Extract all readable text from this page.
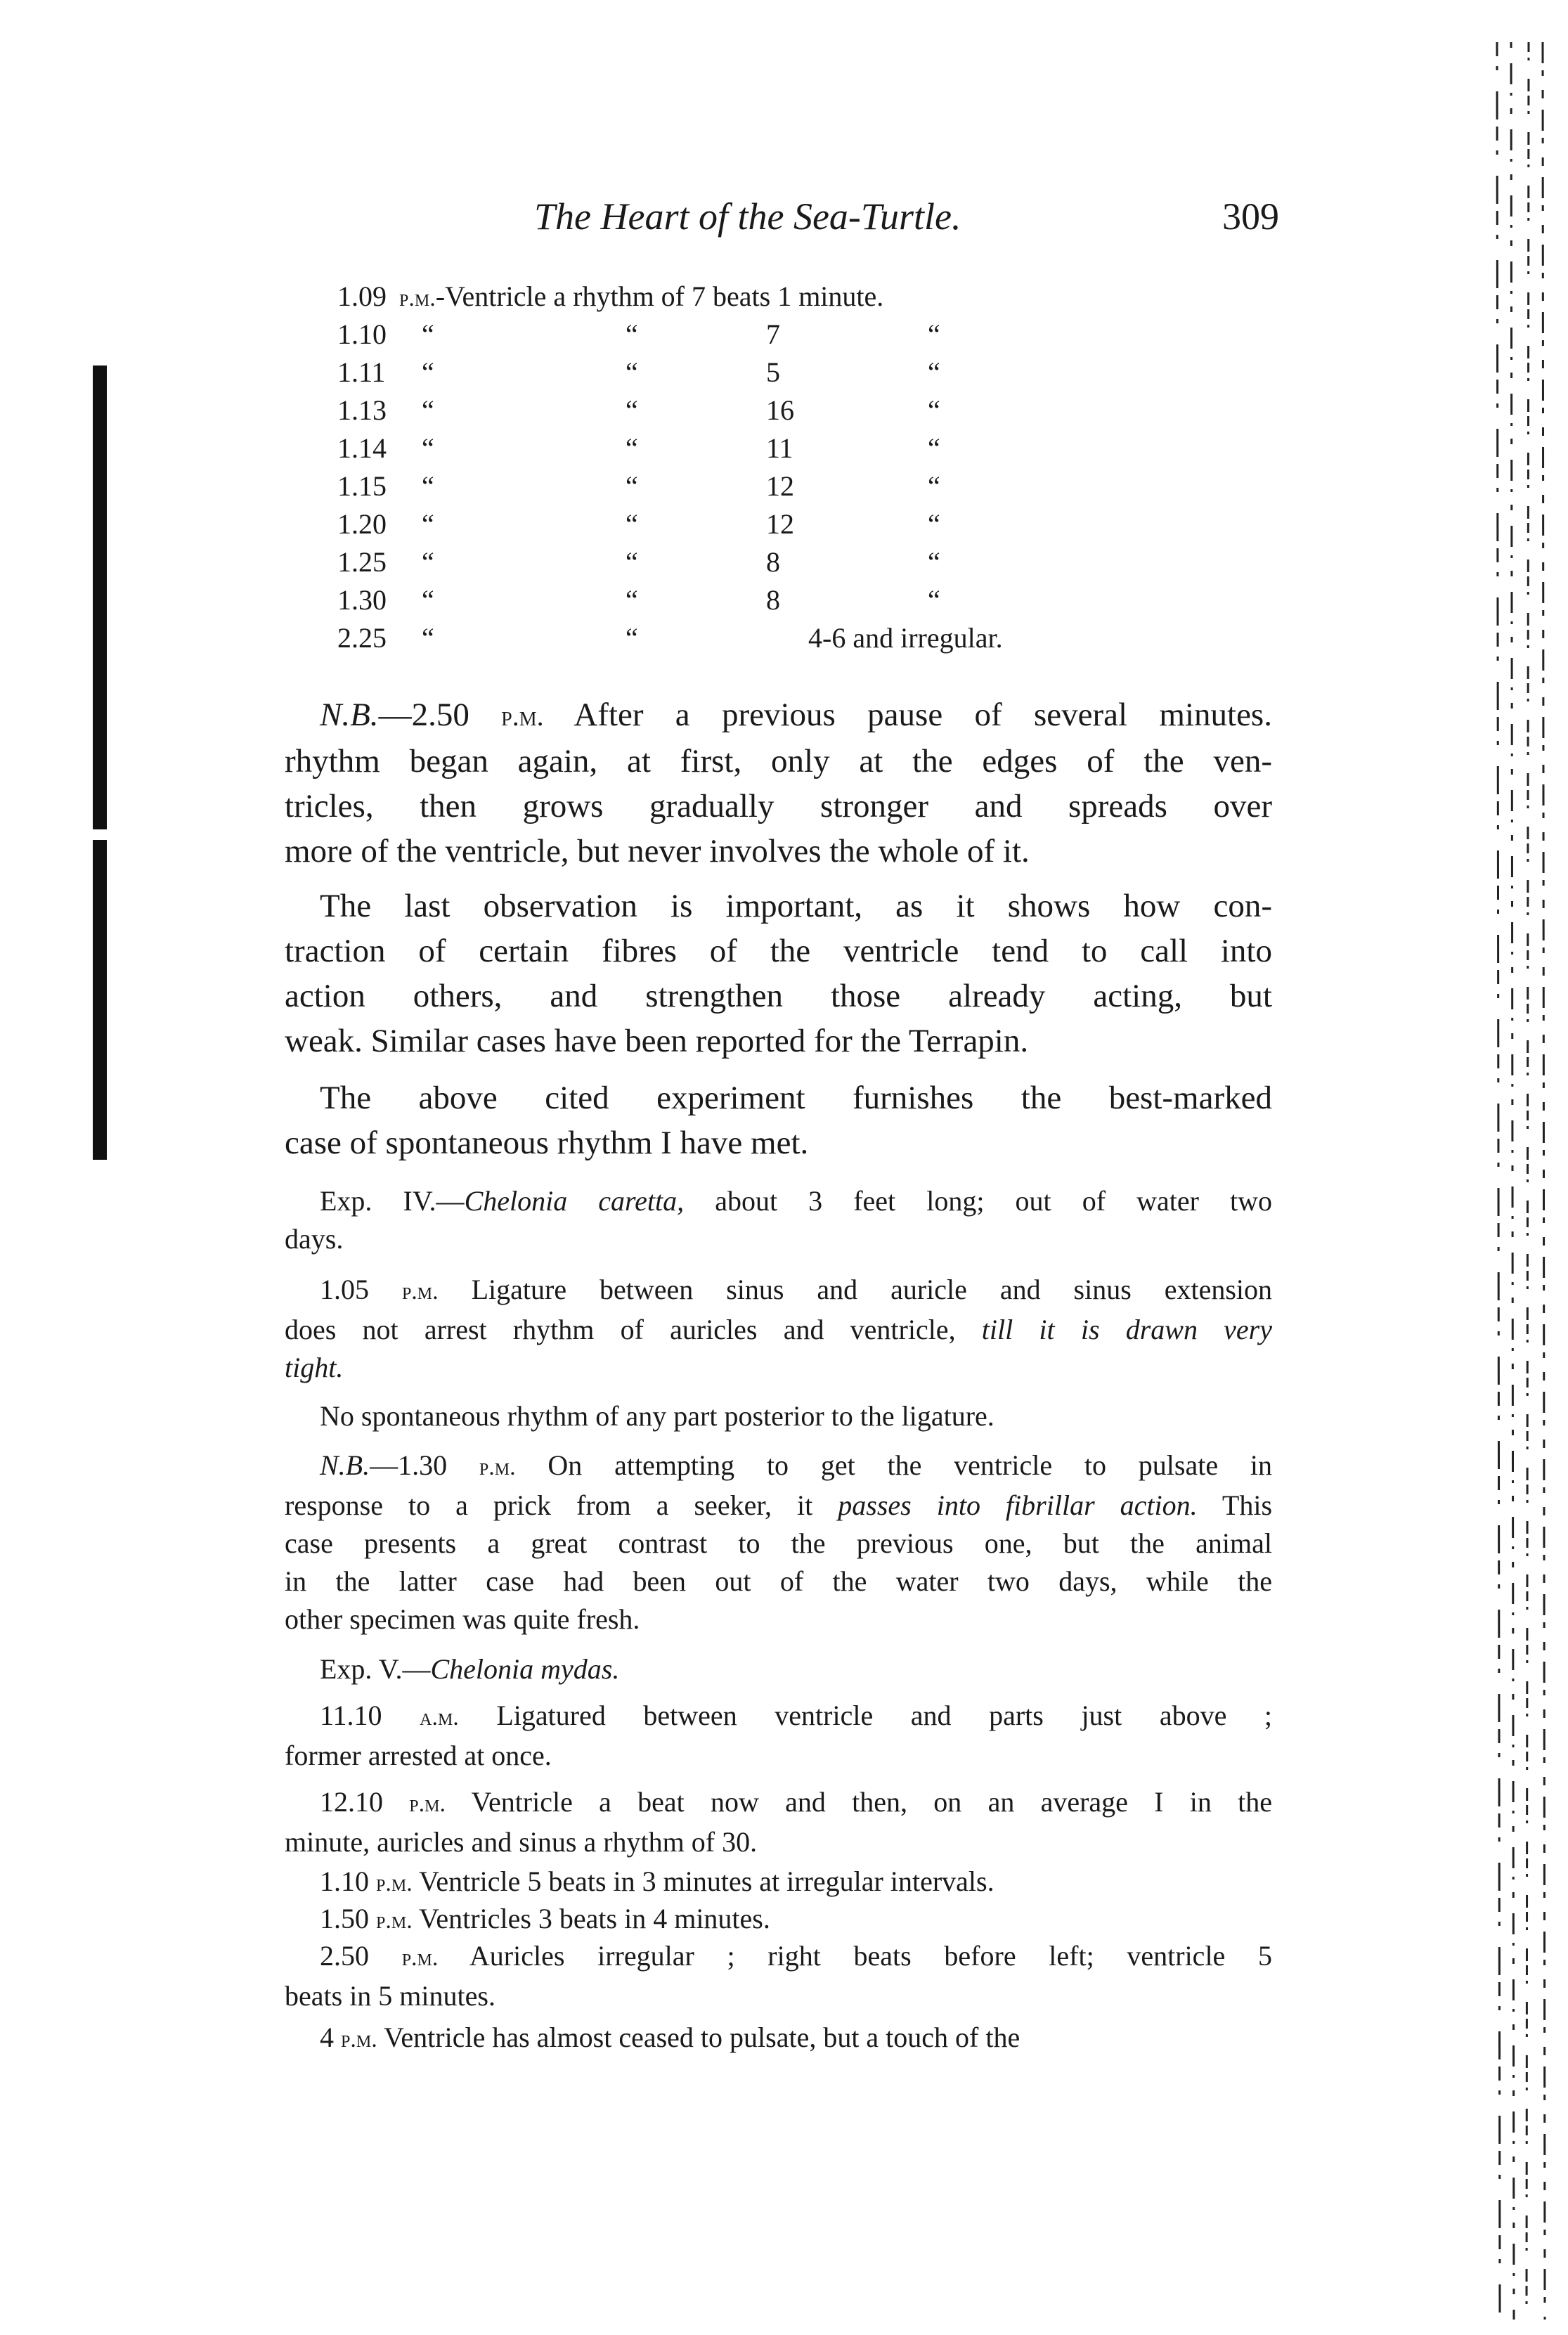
The Heart of the Sea-Turtle.	309
1.09 p.m.-Ventricle a rhythm of 7 beats 1 minute.
1.10 “	“	7	“
1.11 “	“	5	“
1.13 “	“	16	“
1.14 “	“	11	“
1.15 “	“	12	“
1.20 “	“	12	“
1.25 “	“	8	“
1.30 “	“	8	“
2.25 “	“	4-6 and irregular.
N.B.—2.50 p.m. After a previous pause of several minutes.
rhythm began again, at first, only at the edges of the ven-
tricles, then grows gradually stronger and spreads over
more of the ventricle, but never involves the whole of it.
The last observation is important, as it shows how con-
traction of certain fibres of the ventricle tend to call into
action others, and strengthen those already acting, but
weak. Similar cases have been reported for the Terrapin.
The above cited experiment furnishes the best-marked
case of spontaneous rhythm I have met.
Exp. IV.—Chelonia caretta, about 3 feet long; out of water two
days.
1.05 p.m. Ligature between sinus and auricle and sinus extension
does not arrest rhythm of auricles and ventricle, till it is drawn very
tight.
No spontaneous rhythm of any part posterior to the ligature.
N.B.—1.30 p.m. On attempting to get the ventricle to pulsate in
response to a prick from a seeker, it passes into fibrillar action. This
case presents a great contrast to the previous one, but the animal
in the latter case had been out of the water two days, while the
other specimen was quite fresh.
Exp. V.—Chelonia mydas.
11.10 a.m. Ligatured between ventricle and parts just above ;
former arrested at once.
12.10 p.m. Ventricle a beat now and then, on an average I in the
minute, auricles and sinus a rhythm of 30.
1.10 p.m. Ventricle 5 beats in 3 minutes at irregular intervals.
1.50 p.m. Ventricles 3 beats in 4 minutes.
2.50 p.m. Auricles irregular ; right beats before left; ventricle 5
beats in 5 minutes.
4 p.m. Ventricle has almost ceased to pulsate, but a touch of the
